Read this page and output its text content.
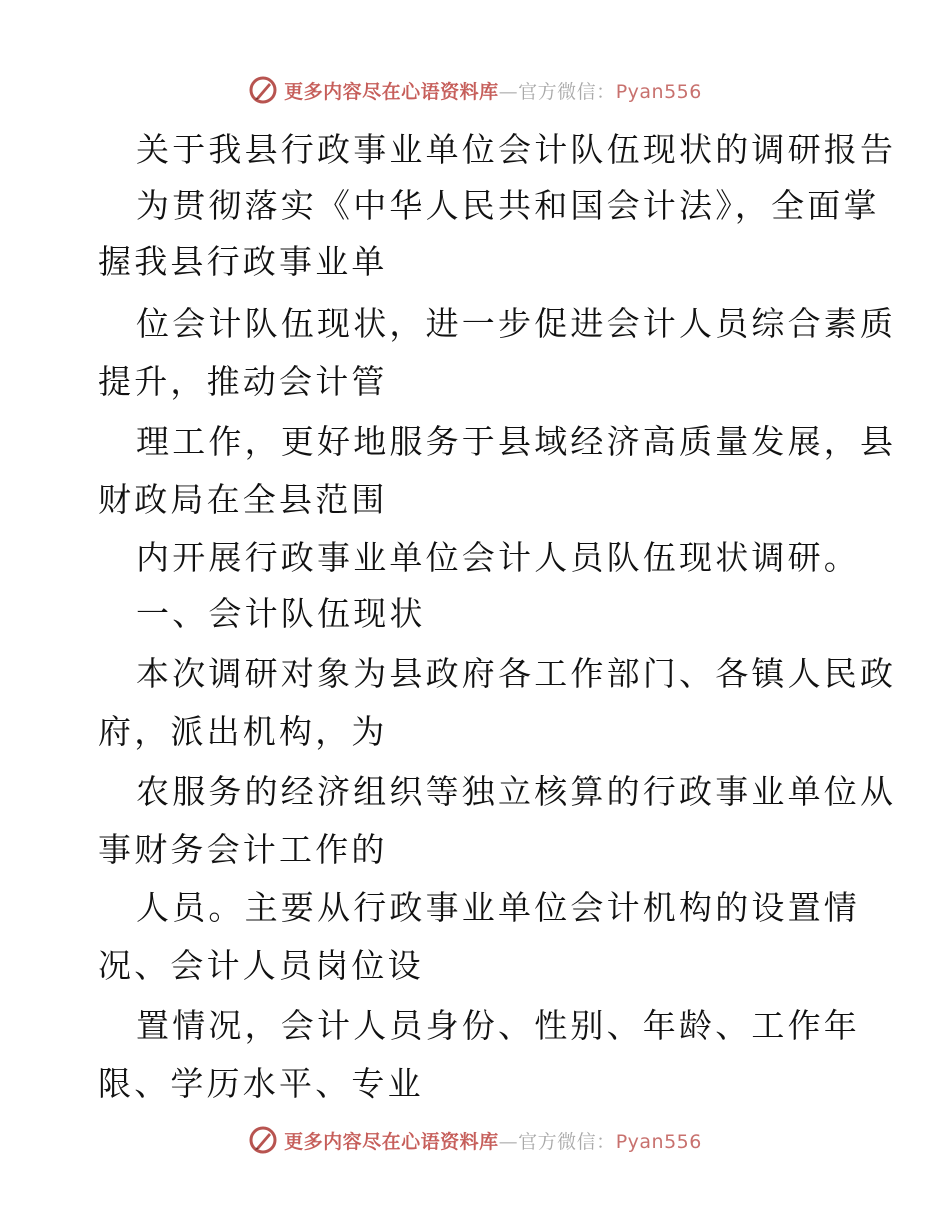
更多内容尽在心语资料库—官方微信：Pyan556
关于我县行政事业单位会计队伍现状的调研报告
为贯彻落实《中华人民共和国会计法》，全面掌
握我县行政事业单
位会计队伍现状，进一步促进会计人员综合素质
提升，推动会计管
理工作，更好地服务于县域经济高质量发展，县
财政局在全县范围
内开展行政事业单位会计人员队伍现状调研。
一、会计队伍现状
本次调研对象为县政府各工作部门、各镇人民政
府，派出机构，为
农服务的经济组织等独立核算的行政事业单位从
事财务会计工作的
人员。主要从行政事业单位会计机构的设置情
况、会计人员岗位设
置情况，会计人员身份、性别、年龄、工作年
限、学历水平、专业
更多内容尽在心语资料库—官方微信：Pyan556
